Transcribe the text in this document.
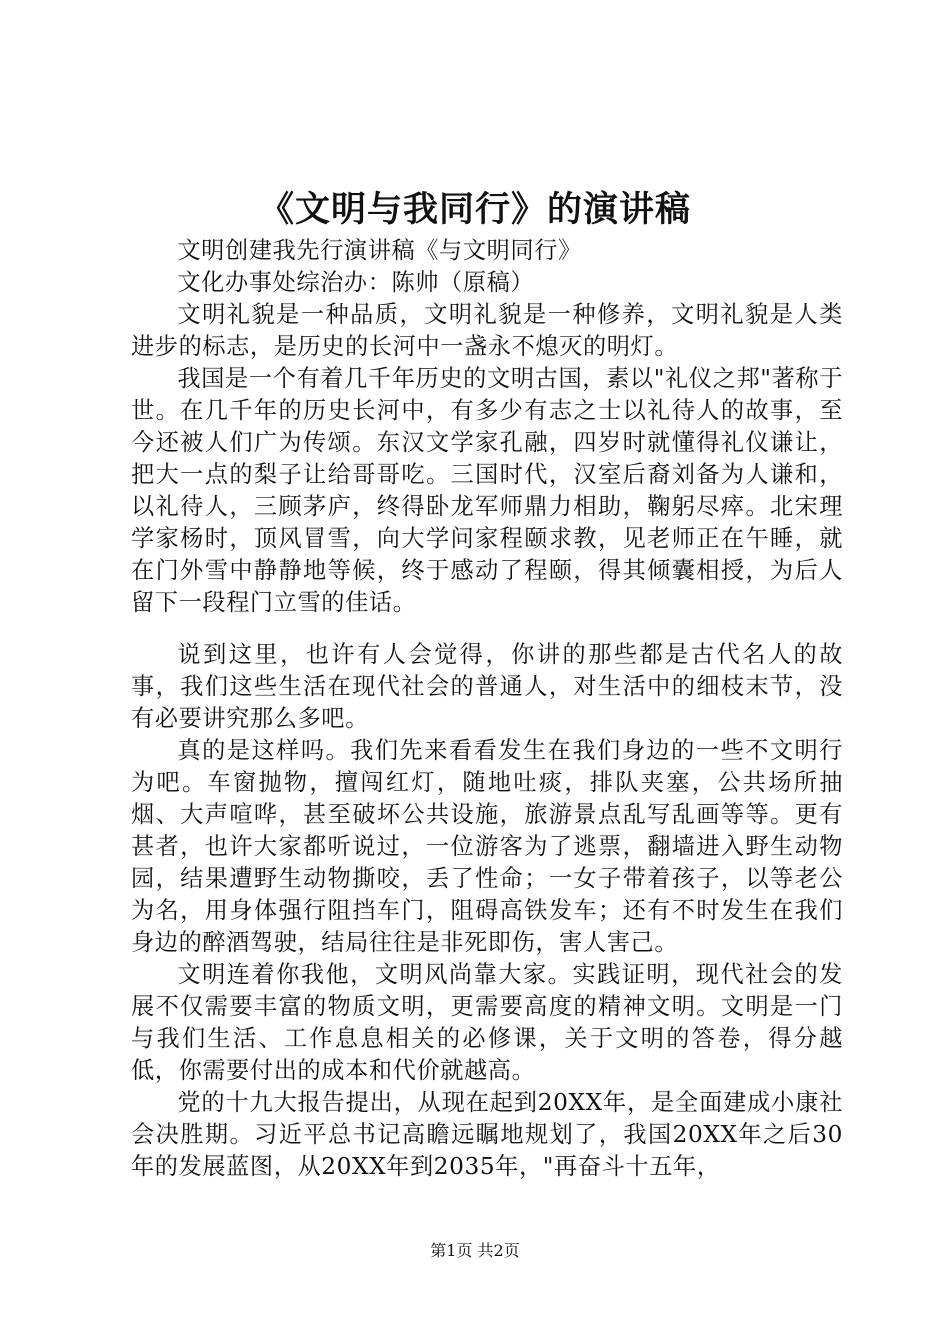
《文明与我同行》的演讲稿

文明创建我先行演讲稿《与文明同行》

文化办事处综治办：陈帅（原稿）

文明礼貌是一种品质，文明礼貌是一种修养，文明礼貌是人类进步的标志，是历史的长河中一盏永不熄灭的明灯。

我国是一个有着几千年历史的文明古国，素以"礼仪之邦"著称于世。在几千年的历史长河中，有多少有志之士以礼待人的故事，至今还被人们广为传颂。东汉文学家孔融，四岁时就懂得礼仪谦让，把大一点的梨子让给哥哥吃。三国时代，汉室后裔刘备为人谦和，以礼待人，三顾茅庐，终得卧龙军师鼎力相助，鞠躬尽瘁。北宋理学家杨时，顶风冒雪，向大学问家程颐求教，见老师正在午睡，就在门外雪中静静地等候，终于感动了程颐，得其倾囊相授，为后人留下一段程门立雪的佳话。

说到这里，也许有人会觉得，你讲的那些都是古代名人的故事，我们这些生活在现代社会的普通人，对生活中的细枝末节，没有必要讲究那么多吧。

真的是这样吗。我们先来看看发生在我们身边的一些不文明行为吧。车窗抛物，擅闯红灯，随地吐痰，排队夹塞，公共场所抽烟、大声喧哗，甚至破坏公共设施，旅游景点乱写乱画等等。更有甚者，也许大家都听说过，一位游客为了逃票，翻墙进入野生动物园，结果遭野生动物撕咬，丢了性命；一女子带着孩子，以等老公为名，用身体强行阻挡车门，阻碍高铁发车；还有不时发生在我们身边的醉酒驾驶，结局往往是非死即伤，害人害己。

文明连着你我他，文明风尚靠大家。实践证明，现代社会的发展不仅需要丰富的物质文明，更需要高度的精神文明。文明是一门与我们生活、工作息息相关的必修课，关于文明的答卷，得分越低，你需要付出的成本和代价就越高。

党的十九大报告提出，从现在起到20XX年，是全面建成小康社会决胜期。习近平总书记高瞻远瞩地规划了，我国20XX年之后30年的发展蓝图，从20XX年到2035年，"再奋斗十五年，

第1页 共2页
